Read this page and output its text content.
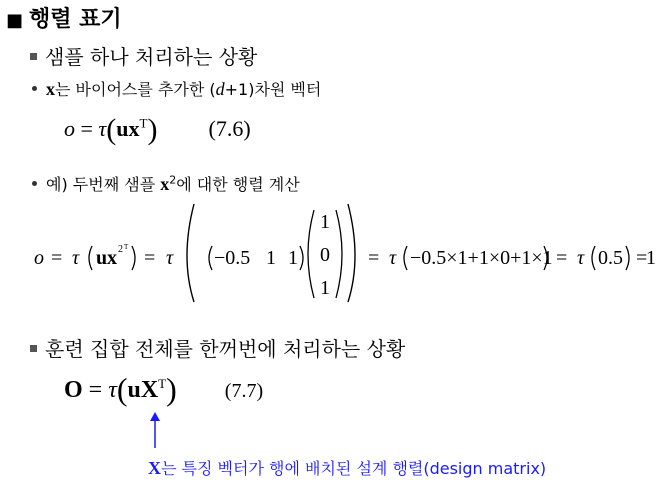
■ 행렬 표기
샘플 하나 처리하는 상황
x는 바이어스를 추가한 (d+1)차원 벡터
$o = \tau(ux^T)$ (7.6)
예) 두번째 샘플 $x^2$에 대한 행렬 계산
o = τ u x 2 T = τ −0.5 1 1
1
0
1
= τ −0.5×1+1×0+1×1 = τ 0.5 =
1
훈련 집합 전체를 한꺼번에 처리하는 상황
$O = \tau(uX^T)$ (7.7)
X는 특징 벡터가 행에 배치된 설계 행렬(design matrix)
